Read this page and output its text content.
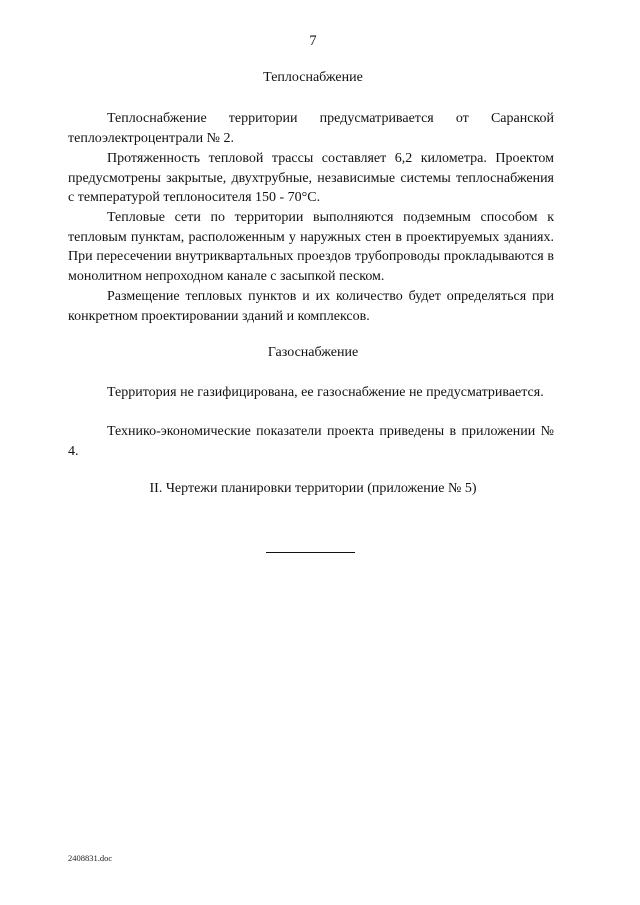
7
Теплоснабжение

Теплоснабжение территории предусматривается от Саранской теплоэлектроцентрали № 2.

Протяженность тепловой трассы составляет 6,2 километра. Проектом предусмотрены закрытые, двухтрубные, независимые системы теплоснабжения с температурой теплоносителя 150 - 70°С.

Тепловые сети по территории выполняются подземным способом к тепловым пунктам, расположенным у наружных стен в проектируемых зданиях. При пересечении внутриквартальных проездов трубопроводы прокладываются в монолитном непроходном канале с засыпкой песком.

Размещение тепловых пунктов и их количество будет определяться при конкретном проектировании зданий и комплексов.

Газоснабжение

Территория не газифицирована, ее газоснабжение не предусматривается.

Технико-экономические показатели проекта приведены в приложении № 4.

II. Чертежи планировки территории (приложение № 5)
2408831.doc
